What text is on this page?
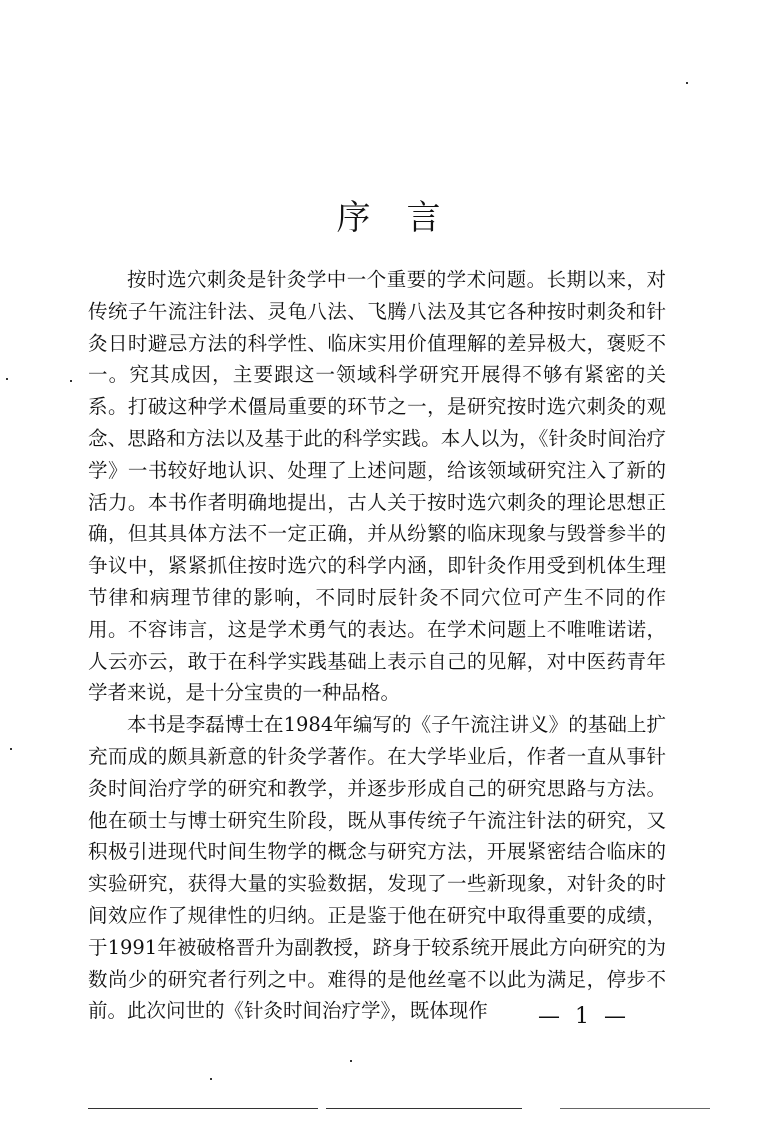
序言

按时选穴刺灸是针灸学中一个重要的学术问题。长期以来，对传统子午流注针法、灵龟八法、飞腾八法及其它各种按时刺灸和针灸日时避忌方法的科学性、临床实用价值理解的差异极大，褒贬不一。究其成因，主要跟这一领域科学研究开展得不够有紧密的关系。打破这种学术僵局重要的环节之一，是研究按时选穴刺灸的观念、思路和方法以及基于此的科学实践。本人以为，《针灸时间治疗学》一书较好地认识、处理了上述问题，给该领域研究注入了新的活力。本书作者明确地提出，古人关于按时选穴刺灸的理论思想正确，但其具体方法不一定正确，并从纷繁的临床现象与毁誉参半的争议中，紧紧抓住按时选穴的科学内涵，即针灸作用受到机体生理节律和病理节律的影响，不同时辰针灸不同穴位可产生不同的作用。不容讳言，这是学术勇气的表达。在学术问题上不唯唯诺诺，人云亦云，敢于在科学实践基础上表示自己的见解，对中医药青年学者来说，是十分宝贵的一种品格。

本书是李磊博士在1984年编写的《子午流注讲义》的基础上扩充而成的颇具新意的针灸学著作。在大学毕业后，作者一直从事针灸时间治疗学的研究和教学，并逐步形成自己的研究思路与方法。他在硕士与博士研究生阶段，既从事传统子午流注针法的研究，又积极引进现代时间生物学的概念与研究方法，开展紧密结合临床的实验研究，获得大量的实验数据，发现了一些新现象，对针灸的时间效应作了规律性的归纳。正是鉴于他在研究中取得重要的成绩，于1991年被破格晋升为副教授，跻身于较系统开展此方向研究的为数尚少的研究者行列之中。难得的是他丝毫不以此为满足，停步不前。此次问世的《针灸时间治疗学》，既体现作	— 1 —
